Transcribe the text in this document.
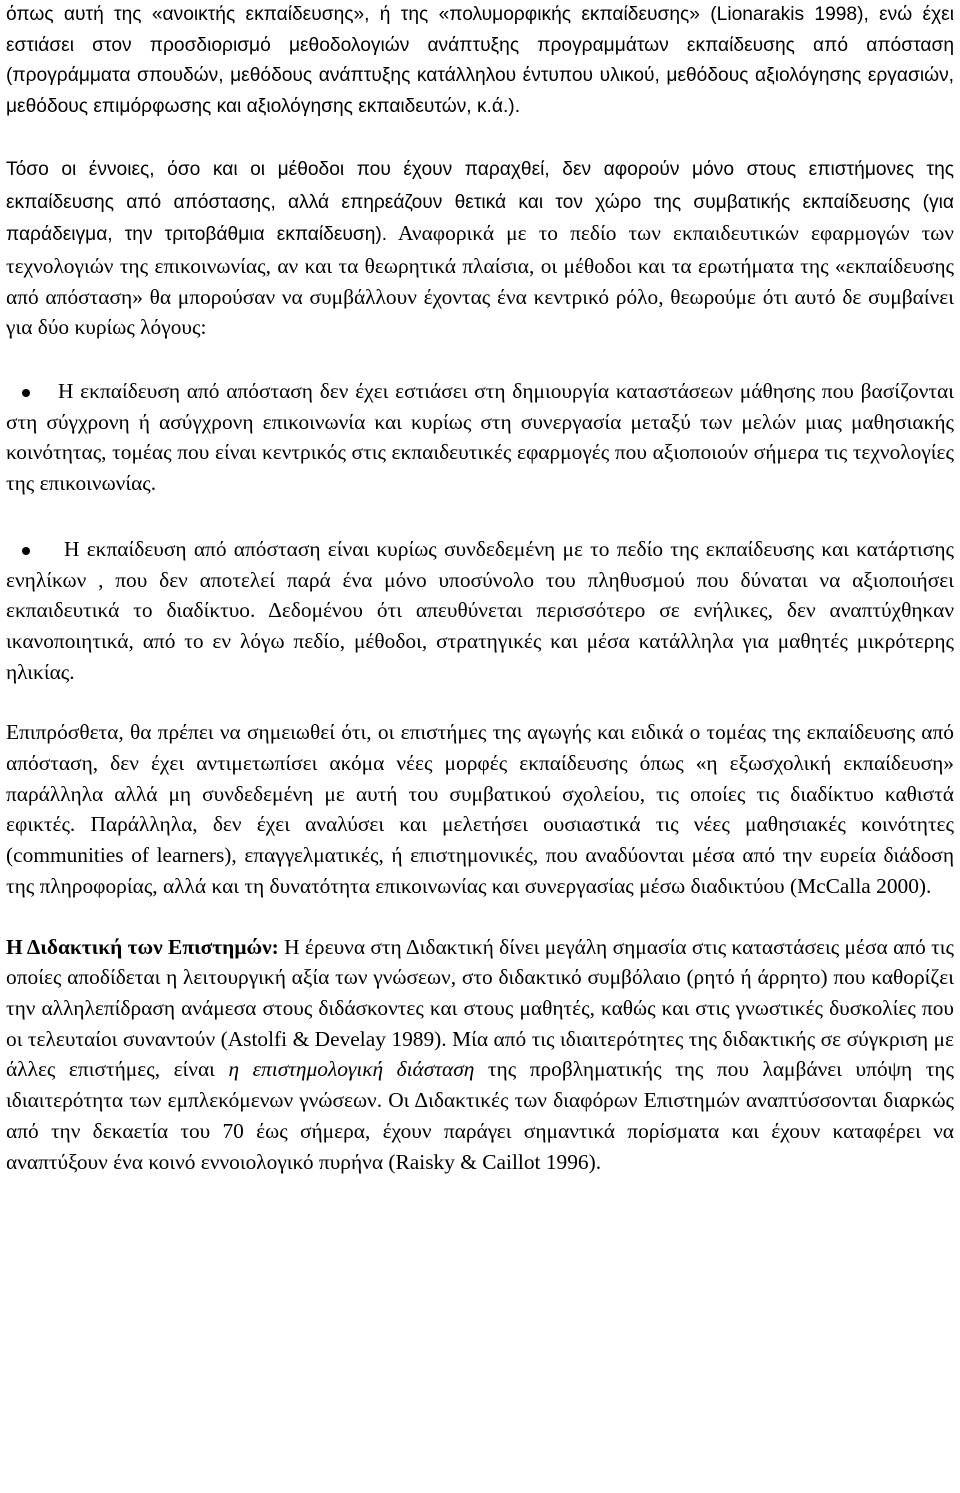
όπως αυτή της «ανοικτής εκπαίδευσης», ή της «πολυμορφικής εκπαίδευσης» (Lionarakis 1998), ενώ έχει εστιάσει στον προσδιορισμό μεθοδολογιών ανάπτυξης προγραμμάτων εκπαίδευσης από απόσταση (προγράμματα σπουδών, μεθόδους ανάπτυξης κατάλληλου έντυπου υλικού, μεθόδους αξιολόγησης εργασιών, μεθόδους επιμόρφωσης και αξιολόγησης εκπαιδευτών, κ.ά.).

Τόσο οι έννοιες, όσο και οι μέθοδοι που έχουν παραχθεί, δεν αφορούν μόνο στους επιστήμονες της εκπαίδευσης από απόστασης, αλλά επηρεάζουν θετικά και τον χώρο της συμβατικής εκπαίδευσης (για παράδειγμα, την τριτοβάθμια εκπαίδευση). Αναφορικά με το πεδίο των εκπαιδευτικών εφαρμογών των τεχνολογιών της επικοινωνίας, αν και τα θεωρητικά πλαίσια, οι μέθοδοι και τα ερωτήματα της «εκπαίδευσης από απόσταση» θα μπορούσαν να συμβάλλουν έχοντας ένα κεντρικό ρόλο, θεωρούμε ότι αυτό δε συμβαίνει για δύο κυρίως λόγους:

Η εκπαίδευση από απόσταση δεν έχει εστιάσει στη δημιουργία καταστάσεων μάθησης που βασίζονται στη σύγχρονη ή ασύγχρονη επικοινωνία και κυρίως στη συνεργασία μεταξύ των μελών μιας μαθησιακής κοινότητας, τομέας που είναι κεντρικός στις εκπαιδευτικές εφαρμογές που αξιοποιούν σήμερα τις τεχνολογίες της επικοινωνίας.

Η εκπαίδευση από απόσταση είναι κυρίως συνδεδεμένη με το πεδίο της εκπαίδευσης και κατάρτισης ενηλίκων , που δεν αποτελεί παρά ένα μόνο υποσύνολο του πληθυσμού που δύναται να αξιοποιήσει εκπαιδευτικά το διαδίκτυο. Δεδομένου ότι απευθύνεται περισσότερο σε ενήλικες, δεν αναπτύχθηκαν ικανοποιητικά, από το εν λόγω πεδίο, μέθοδοι, στρατηγικές και μέσα κατάλληλα για μαθητές μικρότερης ηλικίας.

Επιπρόσθετα, θα πρέπει να σημειωθεί ότι, οι επιστήμες της αγωγής και ειδικά ο τομέας της εκπαίδευσης από απόσταση, δεν έχει αντιμετωπίσει ακόμα νέες μορφές εκπαίδευσης όπως «η εξωσχολική εκπαίδευση» παράλληλα αλλά μη συνδεδεμένη με αυτή του συμβατικού σχολείου, τις οποίες τις διαδίκτυο καθιστά εφικτές. Παράλληλα, δεν έχει αναλύσει και μελετήσει ουσιαστικά τις νέες μαθησιακές κοινότητες (communities of learners), επαγγελματικές, ή επιστημονικές, που αναδύονται μέσα από την ευρεία διάδοση της πληροφορίας, αλλά και τη δυνατότητα επικοινωνίας και συνεργασίας μέσω διαδικτύου (McCalla 2000).

Η Διδακτική των Επιστημών: Η έρευνα στη Διδακτική δίνει μεγάλη σημασία στις καταστάσεις μέσα από τις οποίες αποδίδεται η λειτουργική αξία των γνώσεων, στο διδακτικό συμβόλαιο (ρητό ή άρρητο) που καθορίζει την αλληλεπίδραση ανάμεσα στους διδάσκοντες και στους μαθητές, καθώς και στις γνωστικές δυσκολίες που οι τελευταίοι συναντούν (Astolfi & Develay 1989). Μία από τις ιδιαιτερότητες της διδακτικής σε σύγκριση με άλλες επιστήμες, είναι η επιστημολογική διάσταση της προβληματικής της που λαμβάνει υπόψη της ιδιαιτερότητα των εμπλεκόμενων γνώσεων. Οι Διδακτικές των διαφόρων Επιστημών αναπτύσσονται διαρκώς από την δεκαετία του 70 έως σήμερα, έχουν παράγει σημαντικά πορίσματα και έχουν καταφέρει να αναπτύξουν ένα κοινό εννοιολογικό πυρήνα (Raisky & Caillot 1996).
